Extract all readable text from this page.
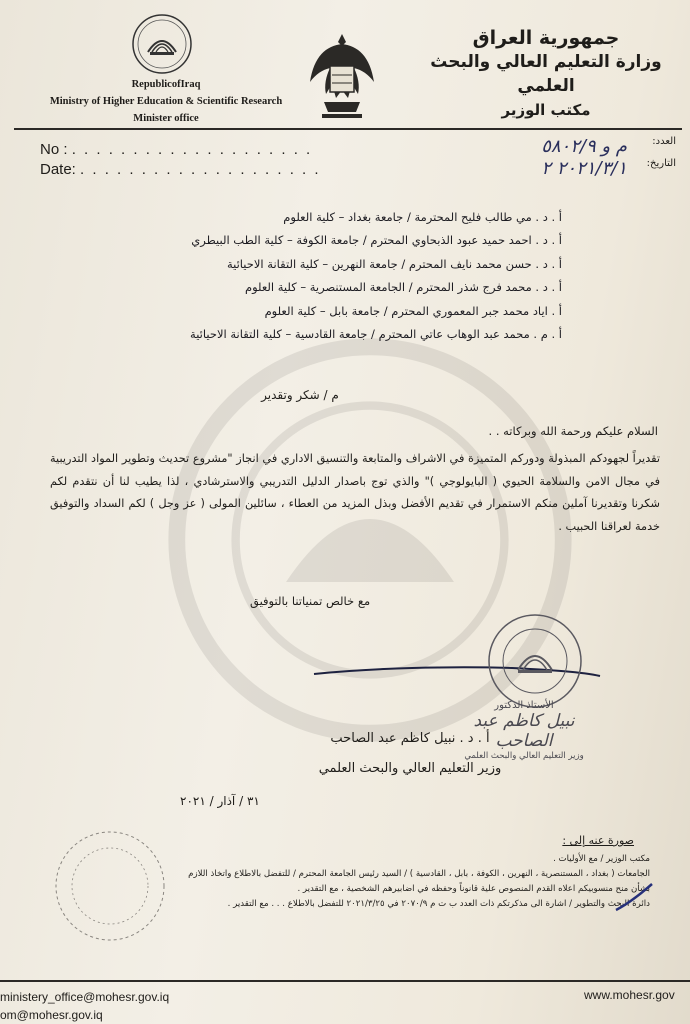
RepublicofIraq
Ministry of Higher Education & Scientific Research
Minister office
جمهورية العراق
وزارة التعليم العالي والبحث العلمي
مكتب الوزير
No : . . . . . . . . . . . . . . . . . . . .
Date: . . . . . . . . . . . . . . . . . . . .
العدد: م و ٥٨٠٢/٩
التاريخ: ٢٠٢١/٣/١ ٢
أ . د . مي طالب فليح المحترمة / جامعة بغداد – كلية العلوم
أ . د . احمد حميد عبود الذبحاوي المحترم / جامعة الكوفة – كلية الطب البيطري
أ . د . حسن محمد نايف المحترم / جامعة النهرين – كلية التقانة الاحيائية
أ . د . محمد فرج شذر المحترم / الجامعة المستنصرية – كلية العلوم
أ . اياد محمد جبر المعموري المحترم / جامعة بابل – كلية العلوم
أ . م . محمد عبد الوهاب عاتي المحترم / جامعة القادسية – كلية التقانة الاحيائية
م / شكر وتقدير
السلام عليكم ورحمة الله وبركاته . .
تقديراً لجهودكم المبذولة ودوركم المتميزة في الاشراف والمتابعة والتنسيق الاداري في انجاز "مشروع تحديث وتطوير المواد التدريبية في مجال الامن والسلامة الحيوي ( البايولوجي )" والذي توج باصدار الدليل التدريبي والاسترشادي ، لذا يطيب لنا أن نتقدم لكم شكرنا وتقديرنا آملين منكم الاستمرار في تقديم الأفضل وبذل المزيد من العطاء ، سائلين المولى ( عز وجل ) لكم السداد والتوفيق خدمة لعراقنا الحبيب .
مع خالص تمنياتنا بالتوفيق
أ . د . نبيل كاظم عبد الصاحب
وزير التعليم العالي والبحث العلمي
٣١ / آذار / ٢٠٢١
الأستاذ الدكتور
نبيل كاظم عبد الصاحب
وزير التعليم العالي والبحث العلمي
صورة عنه إلى :
مكتب الوزير / مع الأوليات .
الجامعات ( بغداد ، المستنصرية ، النهرين ، الكوفة ، بابل ، القادسية ) / السيد رئيس الجامعة المحترم / للتفضل بالاطلاع واتخاذ اللازم
بشأن منح منسوبيكم اعلاه القدم المنصوص علية قانوناً وحفظه في اضابيرهم الشخصية ، مع التقدير .
دائرة البحث والتطوير / اشارة الى مذكرتكم ذات العدد ب ت م ٢٠٧٠/٩ في ٢٠٢١/٣/٢٥ للتفضل بالاطلاع . . . مع التقدير .
ministery_office@mohesr.gov.iq
om@mohesr.gov.iq
www.mohesr.gov
